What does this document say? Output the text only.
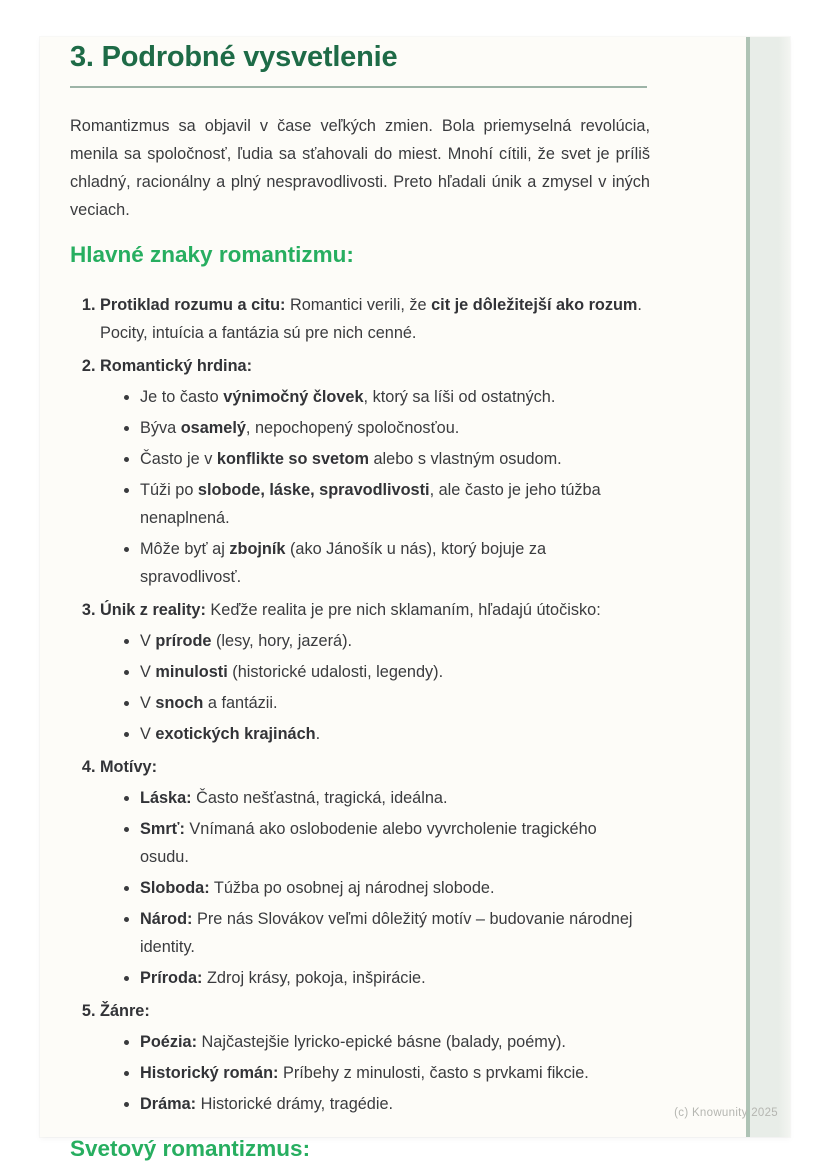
3. Podrobné vysvetlenie

Romantizmus sa objavil v čase veľkých zmien. Bola priemyselná revolúcia, menila sa spoločnosť, ľudia sa sťahovali do miest. Mnohí cítili, že svet je príliš chladný, racionálny a plný nespravodlivosti. Preto hľadali únik a zmysel v iných veciach.

Hlavné znaky romantizmu:
1. Protiklad rozumu a citu: Romantici verili, že cit je dôležitejší ako rozum. Pocity, intuícia a fantázia sú pre nich cenné.
2. Romantický hrdina:
• Je to často výnimočný človek, ktorý sa líši od ostatných.
• Býva osamelý, nepochopený spoločnosťou.
• Často je v konflikte so svetom alebo s vlastným osudom.
• Túži po slobode, láske, spravodlivosti, ale často je jeho túžba nenaplnená.
• Môže byť aj zbojník (ako Jánošík u nás), ktorý bojuje za spravodlivosť.
3. Únik z reality: Keďže realita je pre nich sklamaním, hľadajú útočisko:
• V prírode (lesy, hory, jazerá).
• V minulosti (historické udalosti, legendy).
• V snoch a fantázii.
• V exotických krajinách.
4. Motívy:
• Láska: Často nešťastná, tragická, ideálna.
• Smrť: Vnímaná ako oslobodenie alebo vyvrcholenie tragického osudu.
• Sloboda: Túžba po osobnej aj národnej slobode.
• Národ: Pre nás Slovákov veľmi dôležitý motív – budovanie národnej identity.
• Príroda: Zdroj krásy, pokoja, inšpirácie.
5. Žánre:
• Poézia: Najčastejšie lyricko-epické básne (balady, poémy).
• Historický román: Príbehy z minulosti, často s prvkami fikcie.
• Dráma: Historické drámy, tragédie.
Svetový romantizmus:
(c) Knowunity 2025
